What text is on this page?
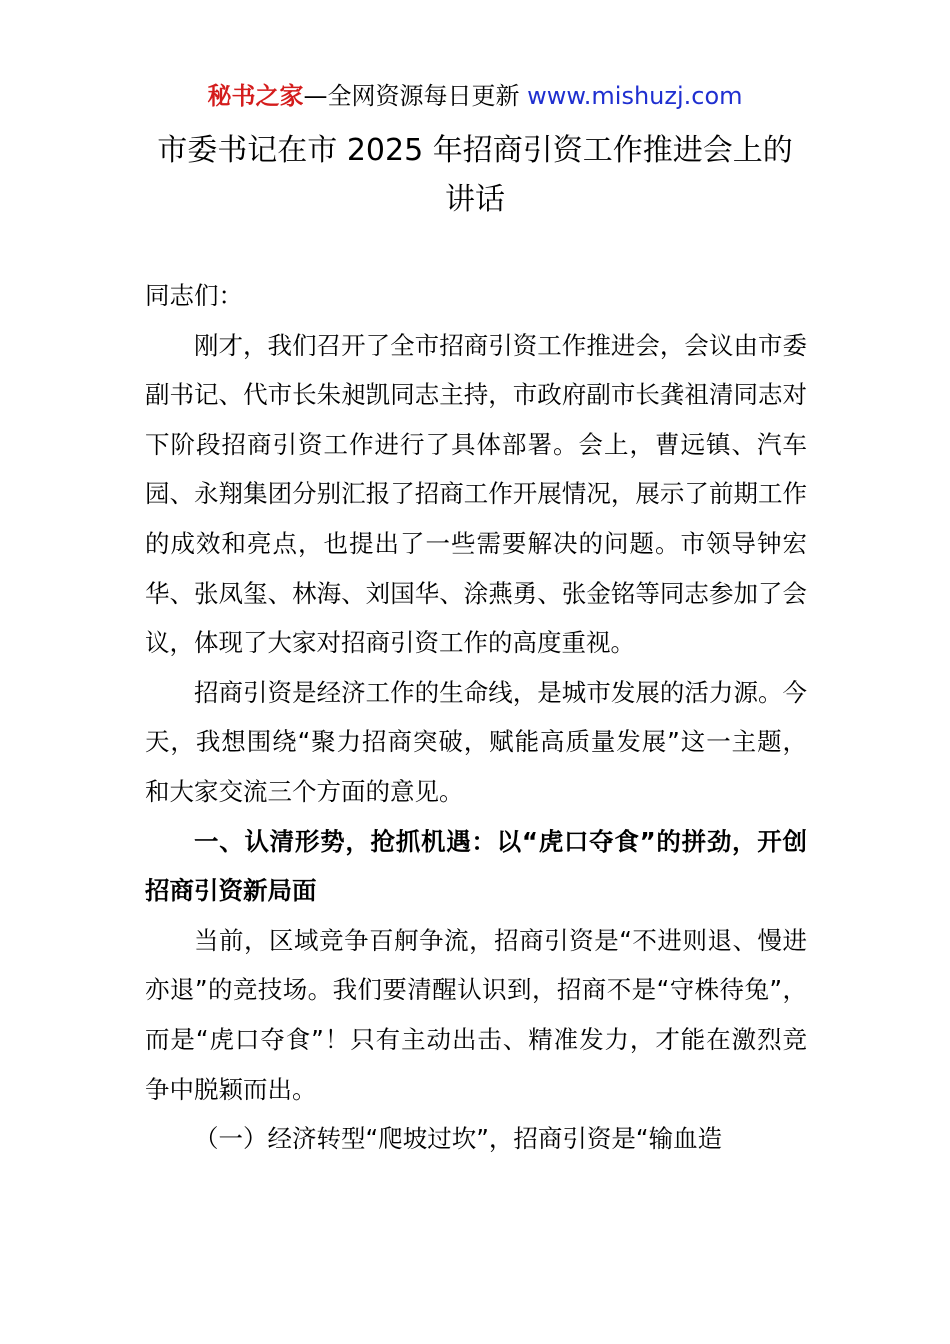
秘书之家—全网资源每日更新 www.mishuzj.com
市委书记在市 2025 年招商引资工作推进会上的讲话

同志们：

刚才，我们召开了全市招商引资工作推进会，会议由市委副书记、代市长朱昶凯同志主持，市政府副市长龚祖清同志对下阶段招商引资工作进行了具体部署。会上，曹远镇、汽车园、永翔集团分别汇报了招商工作开展情况，展示了前期工作的成效和亮点，也提出了一些需要解决的问题。市领导钟宏华、张凤玺、林海、刘国华、涂燕勇、张金铭等同志参加了会议，体现了大家对招商引资工作的高度重视。

招商引资是经济工作的生命线，是城市发展的活力源。今天，我想围绕“聚力招商突破，赋能高质量发展”这一主题，和大家交流三个方面的意见。

一、认清形势，抢抓机遇：以“虎口夺食”的拼劲，开创招商引资新局面

当前，区域竞争百舸争流，招商引资是“不进则退、慢进亦退”的竞技场。我们要清醒认识到，招商不是“守株待兔”，而是“虎口夺食”！只有主动出击、精准发力，才能在激烈竞争中脱颖而出。

（一）经济转型“爬坡过坎”，招商引资是“输血造
